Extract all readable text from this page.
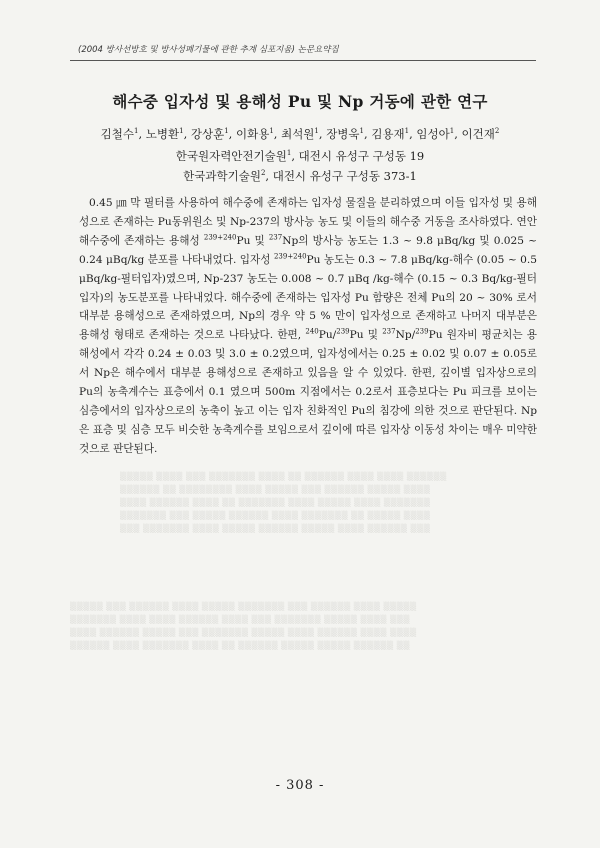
(2004 방사선방호 및 방사성폐기물에 관한 추계 심포지움) 논문요약집
▒▒▒▒▒ ▒▒▒▒ ▒▒▒ ▒▒▒▒▒▒▒ ▒▒▒▒ ▒▒ ▒▒▒▒▒▒ ▒▒▒▒ ▒▒▒▒ ▒▒▒▒▒▒
▒▒▒▒▒▒ ▒▒ ▒▒▒▒▒▒▒▒ ▒▒▒▒ ▒▒▒▒▒ ▒▒▒ ▒▒▒▒▒▒ ▒▒▒▒▒ ▒▒▒▒
▒▒▒▒ ▒▒▒▒▒▒ ▒▒▒▒ ▒▒ ▒▒▒▒▒▒▒ ▒▒▒▒ ▒▒▒▒▒ ▒▒▒▒ ▒▒▒▒▒▒▒
▒▒▒▒▒▒▒ ▒▒▒ ▒▒▒▒▒ ▒▒▒▒▒▒ ▒▒▒▒ ▒▒▒▒▒▒▒ ▒▒ ▒▒▒▒▒ ▒▒▒▒
▒▒▒ ▒▒▒▒▒▒▒ ▒▒▒▒ ▒▒▒▒▒ ▒▒▒▒▒▒ ▒▒▒▒▒ ▒▒▒▒ ▒▒▒▒▒▒ ▒▒▒
▒▒▒▒▒ ▒▒▒ ▒▒▒▒▒▒ ▒▒▒▒ ▒▒▒▒▒ ▒▒▒▒▒▒▒ ▒▒▒ ▒▒▒▒▒▒ ▒▒▒▒ ▒▒▒▒▒
▒▒▒▒▒▒▒ ▒▒▒▒ ▒▒▒▒ ▒▒▒▒▒▒ ▒▒▒▒ ▒▒▒ ▒▒▒▒▒▒▒ ▒▒▒▒▒ ▒▒▒▒ ▒▒▒
▒▒▒▒ ▒▒▒▒▒▒ ▒▒▒▒▒ ▒▒▒ ▒▒▒▒▒▒▒ ▒▒▒▒▒ ▒▒▒▒ ▒▒▒▒▒▒ ▒▒▒▒ ▒▒▒▒
▒▒▒▒▒▒ ▒▒▒▒ ▒▒▒▒▒▒▒ ▒▒▒▒ ▒▒ ▒▒▒▒▒▒ ▒▒▒▒▒ ▒▒▒▒▒ ▒▒▒▒▒▒ ▒▒
해수중 입자성 및 용해성 Pu 및 Np 거동에 관한 연구
김철수$^1$, 노병환$^1$, 강상훈$^1$, 이화용$^1$, 최석원$^1$, 장병욱$^1$, 김용재$^1$, 임성아$^1$, 이건재$^2$
한국원자력안전기술원$^1$, 대전시 유성구 구성동 19
한국과학기술원$^2$, 대전시 유성구 구성동 373-1
0.45 ㎛ 막 필터를 사용하여 해수중에 존재하는 입자성 물질을 분리하였으며 이들 입자성 및 용해성으로 존재하는 Pu동위원소 및 Np-237의 방사능 농도 및 이들의 해수중 거동을 조사하였다. 연안해수중에 존재하는 용해성 $^{239+240}$Pu 및 $^{237}$Np의 방사능 농도는 1.3 ~ 9.8 μBq/kg 및 0.025 ~ 0.24 μBq/kg 분포를 나타내었다. 입자성 $^{239+240}$Pu 농도는 0.3 ~ 7.8 μBq/kg-해수 (0.05 ~ 0.5 μBq/kg-필터입자)였으며, Np-237 농도는 0.008 ~ 0.7 μBq /kg-해수 (0.15 ~ 0.3 Bq/kg-필터입자)의 농도분포를 나타내었다. 해수중에 존재하는 입자성 Pu 함량은 전체 Pu의 20 ~ 30% 로서 대부분 용해성으로 존재하였으며, Np의 경우 약 5 % 만이 입자성으로 존재하고 나머지 대부분은 용해성 형태로 존재하는 것으로 나타났다. 한편, $^{240}$Pu/$^{239}$Pu 및 $^{237}$Np/$^{239}$Pu 원자비 평균치는 용해성에서 각각 0.24 ± 0.03 및 3.0 ± 0.2였으며, 입자성에서는 0.25 ± 0.02 및 0.07 ± 0.05로서 Np은 해수에서 대부분 용해성으로 존재하고 있음을 알 수 있었다. 한편, 깊이별 입자상으로의 Pu의 농축계수는 표층에서 0.1 였으며 500m 지점에서는 0.2로서 표층보다는 Pu 피크를 보이는 심층에서의 입자상으로의 농축이 높고 이는 입자 친화적인 Pu의 침강에 의한 것으로 판단된다. Np은 표층 및 심층 모두 비슷한 농축계수를 보임으로서 깊이에 따른 입자상 이동성 차이는 매우 미약한 것으로 판단된다.
- 308 -
